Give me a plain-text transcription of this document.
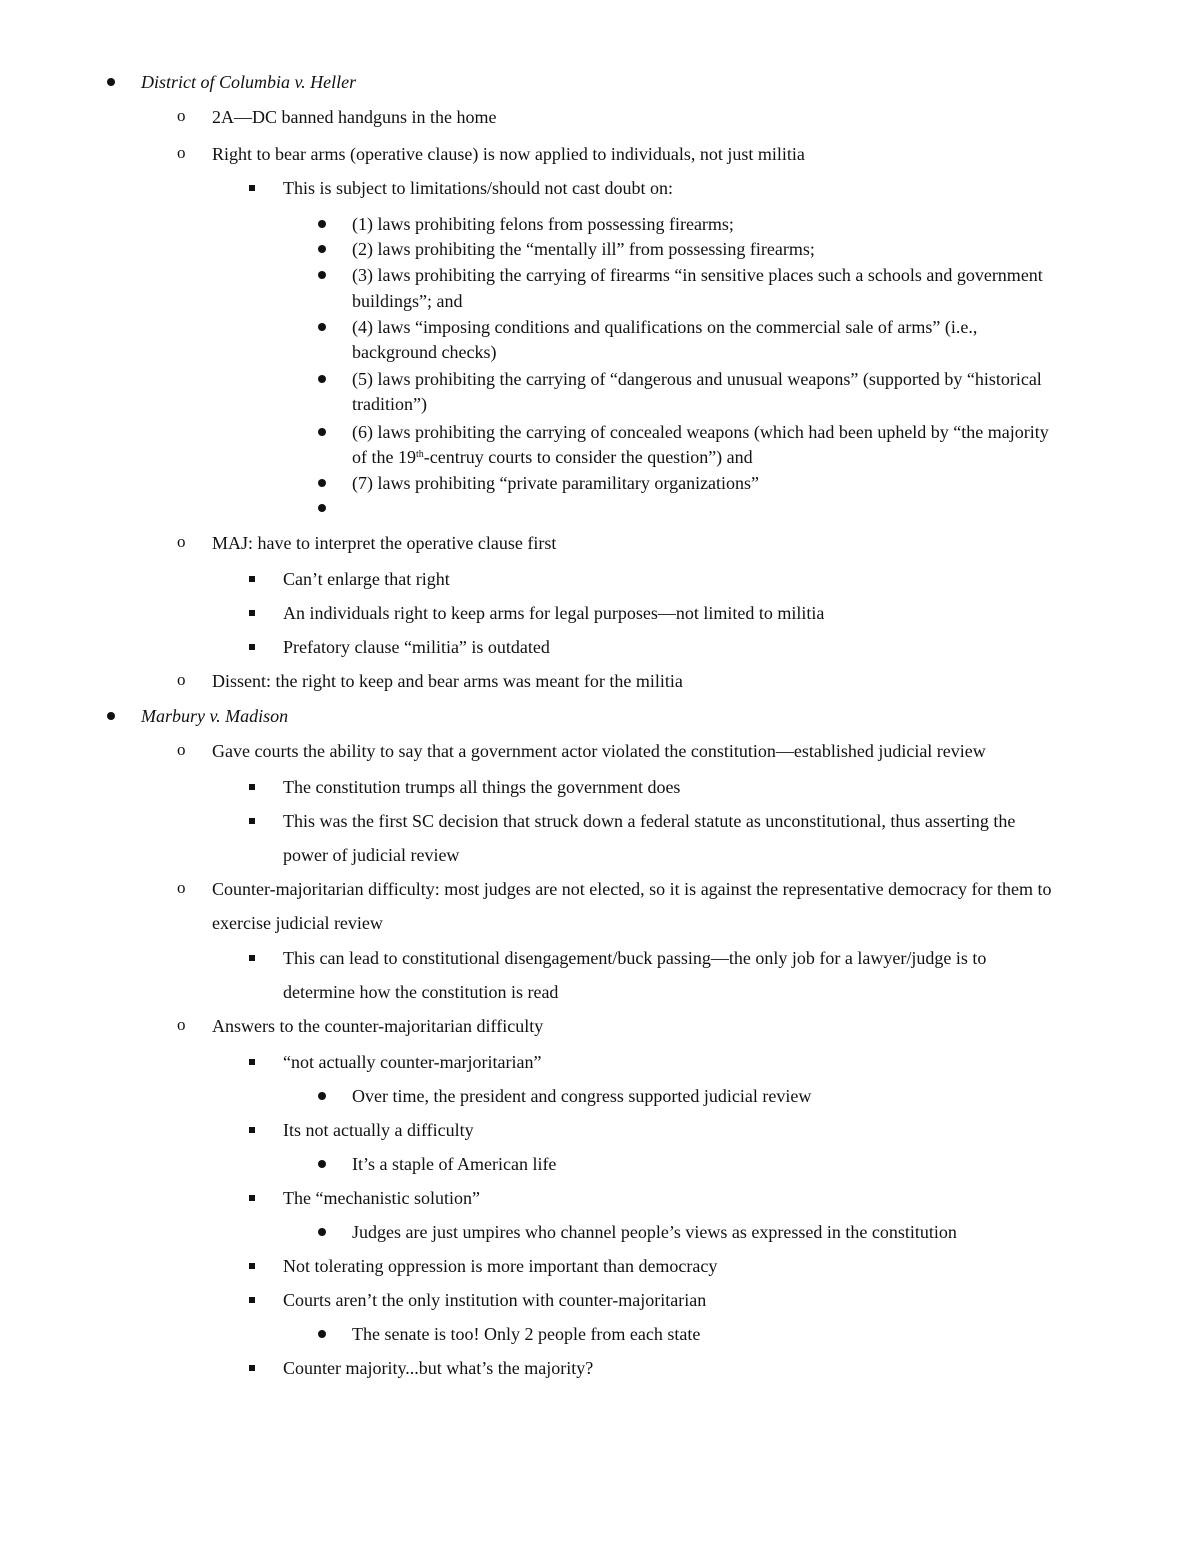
District of Columbia v. Heller
o 2A—DC banned handguns in the home
o Right to bear arms (operative clause) is now applied to individuals, not just militia
This is subject to limitations/should not cast doubt on:
(1) laws prohibiting felons from possessing firearms;
(2) laws prohibiting the “mentally ill” from possessing firearms;
(3) laws prohibiting the carrying of firearms “in sensitive places such a schools and government
buildings”; and
(4) laws “imposing conditions and qualifications on the commercial sale of arms” (i.e.,
background checks)
(5) laws prohibiting the carrying of “dangerous and unusual weapons” (supported by “historical
tradition”)
(6) laws prohibiting the carrying of concealed weapons (which had been upheld by “the majority
of the 19th-centruy courts to consider the question”) and
(7) laws prohibiting “private paramilitary organizations”
o MAJ: have to interpret the operative clause first
Can’t enlarge that right
An individuals right to keep arms for legal purposes—not limited to militia
Prefatory clause “militia” is outdated
o Dissent: the right to keep and bear arms was meant for the militia
Marbury v. Madison
o Gave courts the ability to say that a government actor violated the constitution—established judicial review
The constitution trumps all things the government does
This was the first SC decision that struck down a federal statute as unconstitutional, thus asserting the
power of judicial review
o Counter-majoritarian difficulty: most judges are not elected, so it is against the representative democracy for them to
exercise judicial review
This can lead to constitutional disengagement/buck passing—the only job for a lawyer/judge is to
determine how the constitution is read
o Answers to the counter-majoritarian difficulty
“not actually counter-marjoritarian”
Over time, the president and congress supported judicial review
Its not actually a difficulty
It’s a staple of American life
The “mechanistic solution”
Judges are just umpires who channel people’s views as expressed in the constitution
Not tolerating oppression is more important than democracy
Courts aren’t the only institution with counter-majoritarian
The senate is too! Only 2 people from each state
Counter majority...but what’s the majority?
